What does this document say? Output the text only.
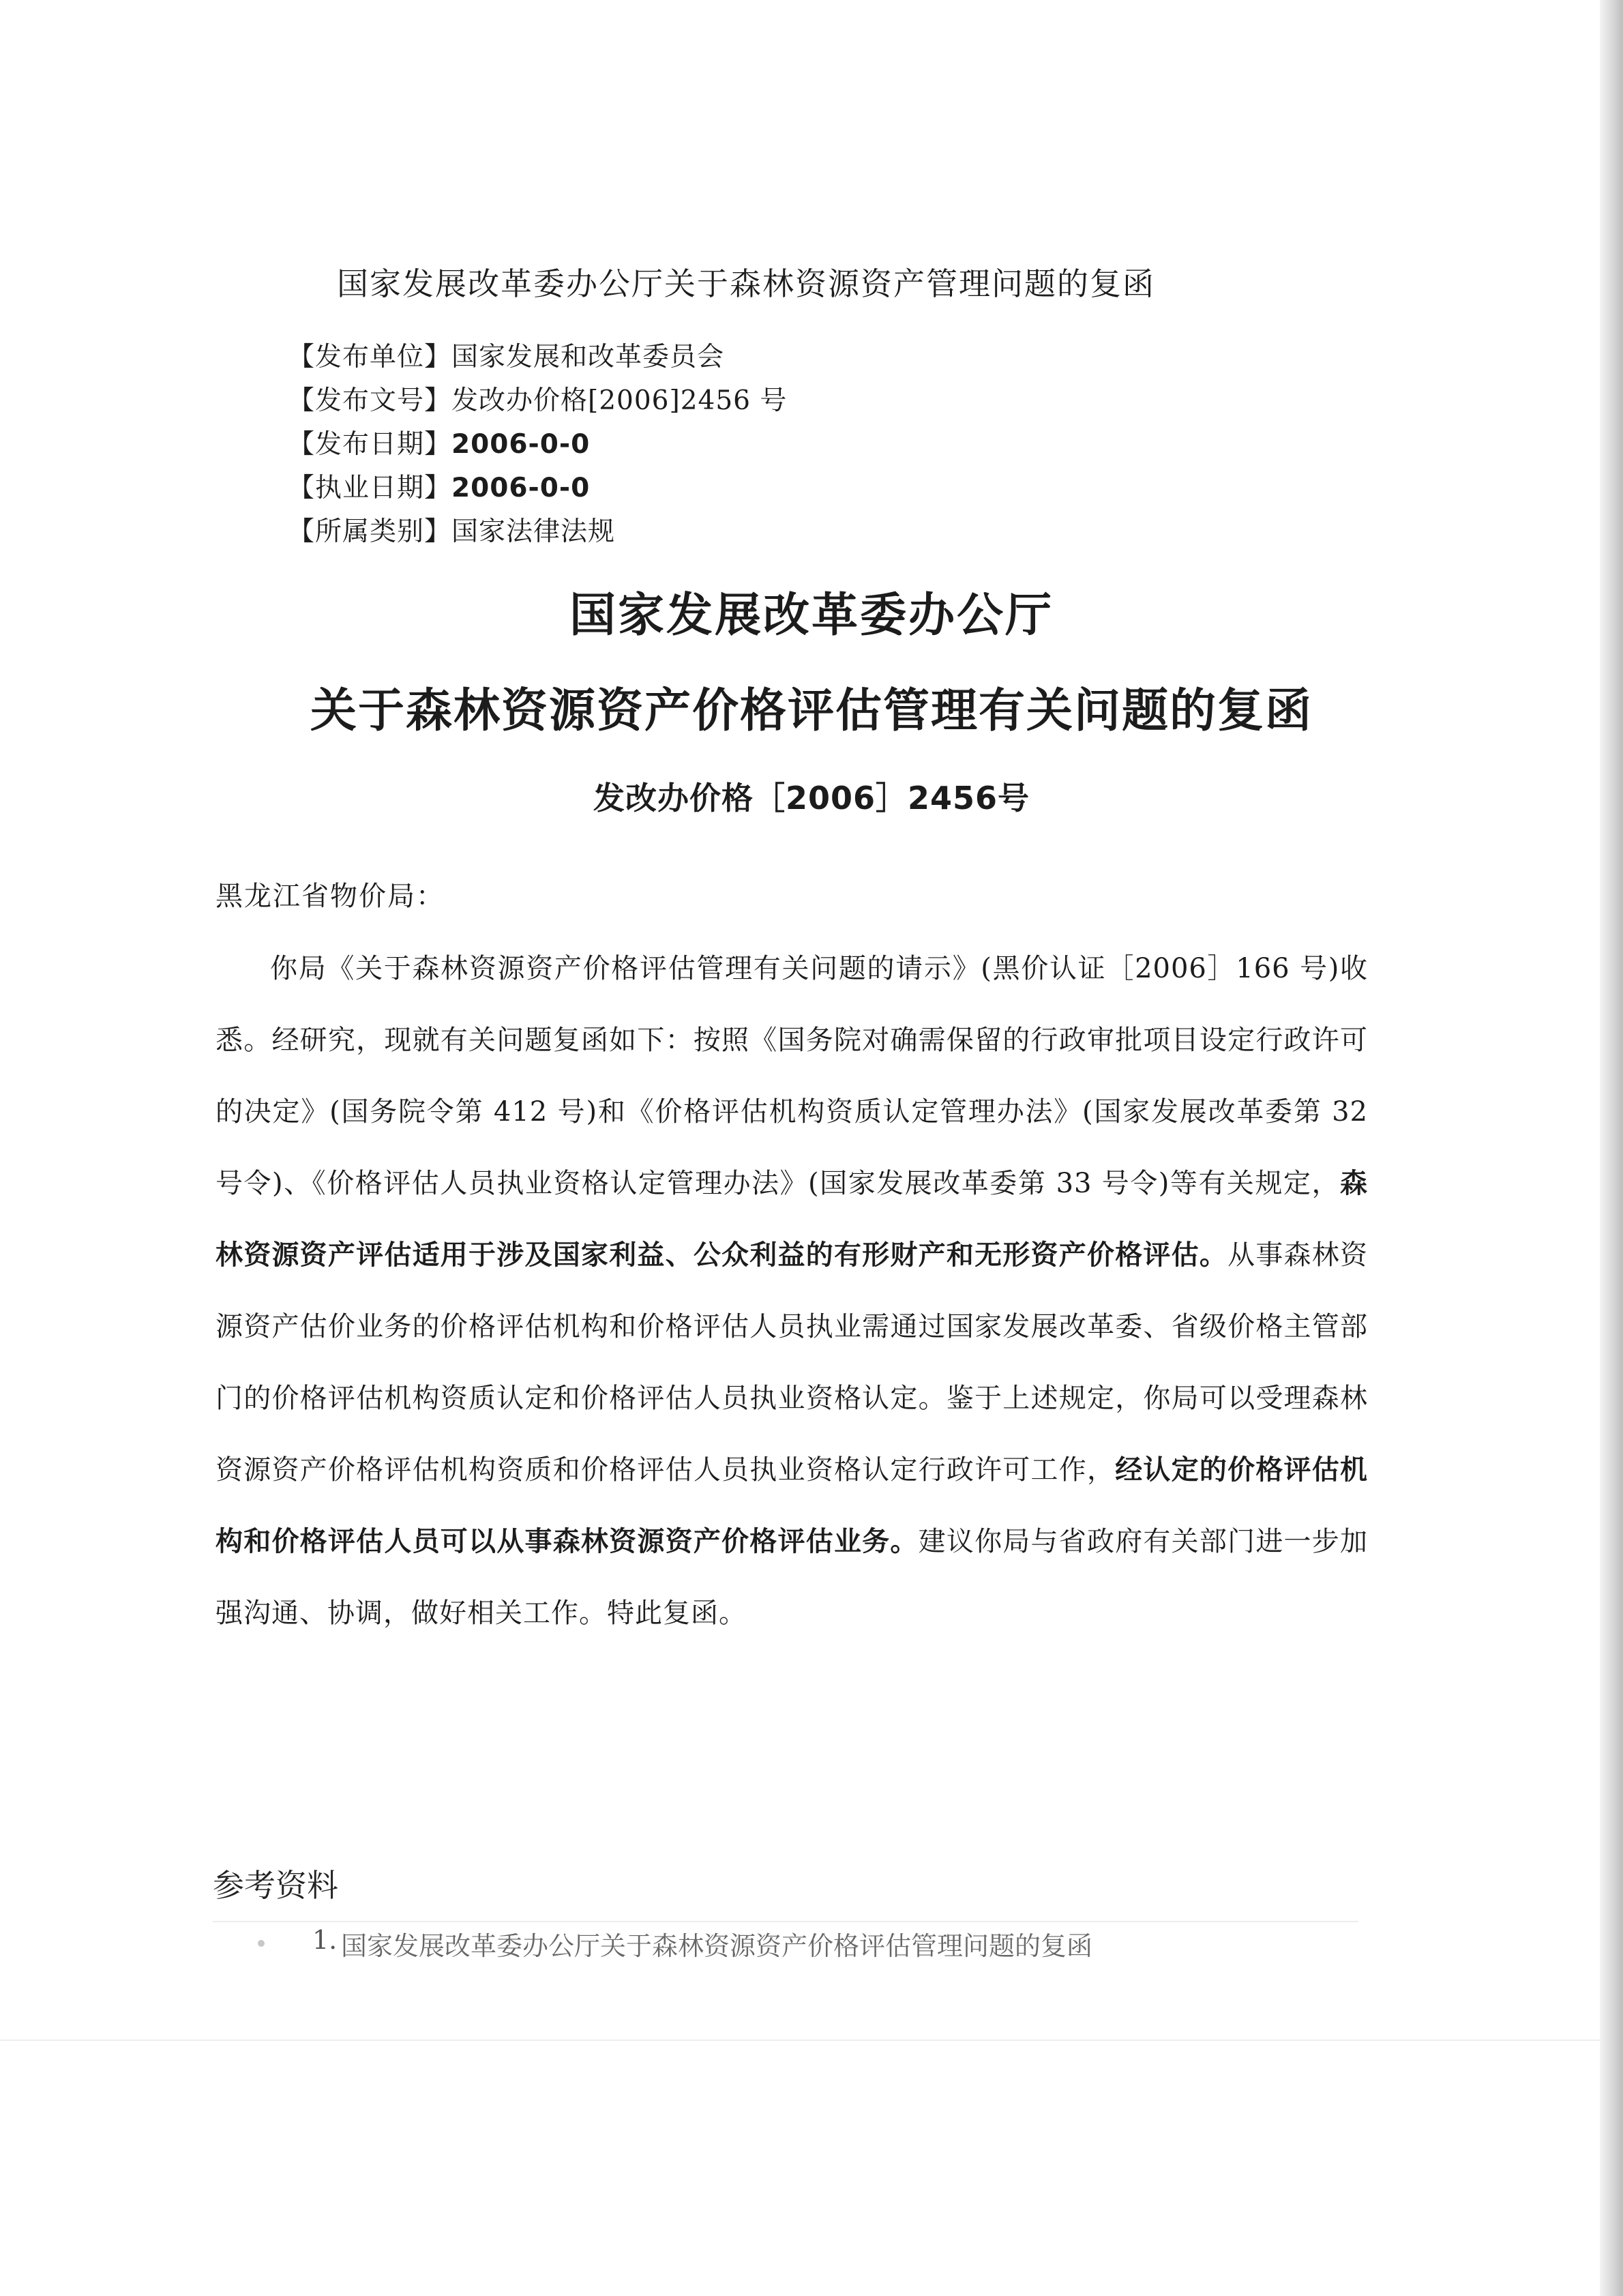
国家发展改革委办公厅关于森林资源资产管理问题的复函
【发布单位】国家发展和改革委员会
【发布文号】发改办价格[2006]2456 号
【发布日期】2006-0-0
【执业日期】2006-0-0
【所属类别】国家法律法规
国家发展改革委办公厅
关于森林资源资产价格评估管理有关问题的复函
发改办价格［2006］2456号
黑龙江省物价局：
你局《关于森林资源资产价格评估管理有关问题的请示》(黑价认证［2006］166 号)收悉。经研究，现就有关问题复函如下：按照《国务院对确需保留的行政审批项目设定行政许可的决定》(国务院令第 412 号)和《价格评估机构资质认定管理办法》(国家发展改革委第 32 号令)、《价格评估人员执业资格认定管理办法》(国家发展改革委第 33 号令)等有关规定，森林资源资产评估适用于涉及国家利益、公众利益的有形财产和无形资产价格评估。从事森林资源资产估价业务的价格评估机构和价格评估人员执业需通过国家发展改革委、省级价格主管部门的价格评估机构资质认定和价格评估人员执业资格认定。鉴于上述规定，你局可以受理森林资源资产价格评估机构资质和价格评估人员执业资格认定行政许可工作，经认定的价格评估机构和价格评估人员可以从事森林资源资产价格评估业务。建议你局与省政府有关部门进一步加强沟通、协调，做好相关工作。特此复函。
参考资料
1. 国家发展改革委办公厅关于森林资源资产价格评估管理问题的复函
